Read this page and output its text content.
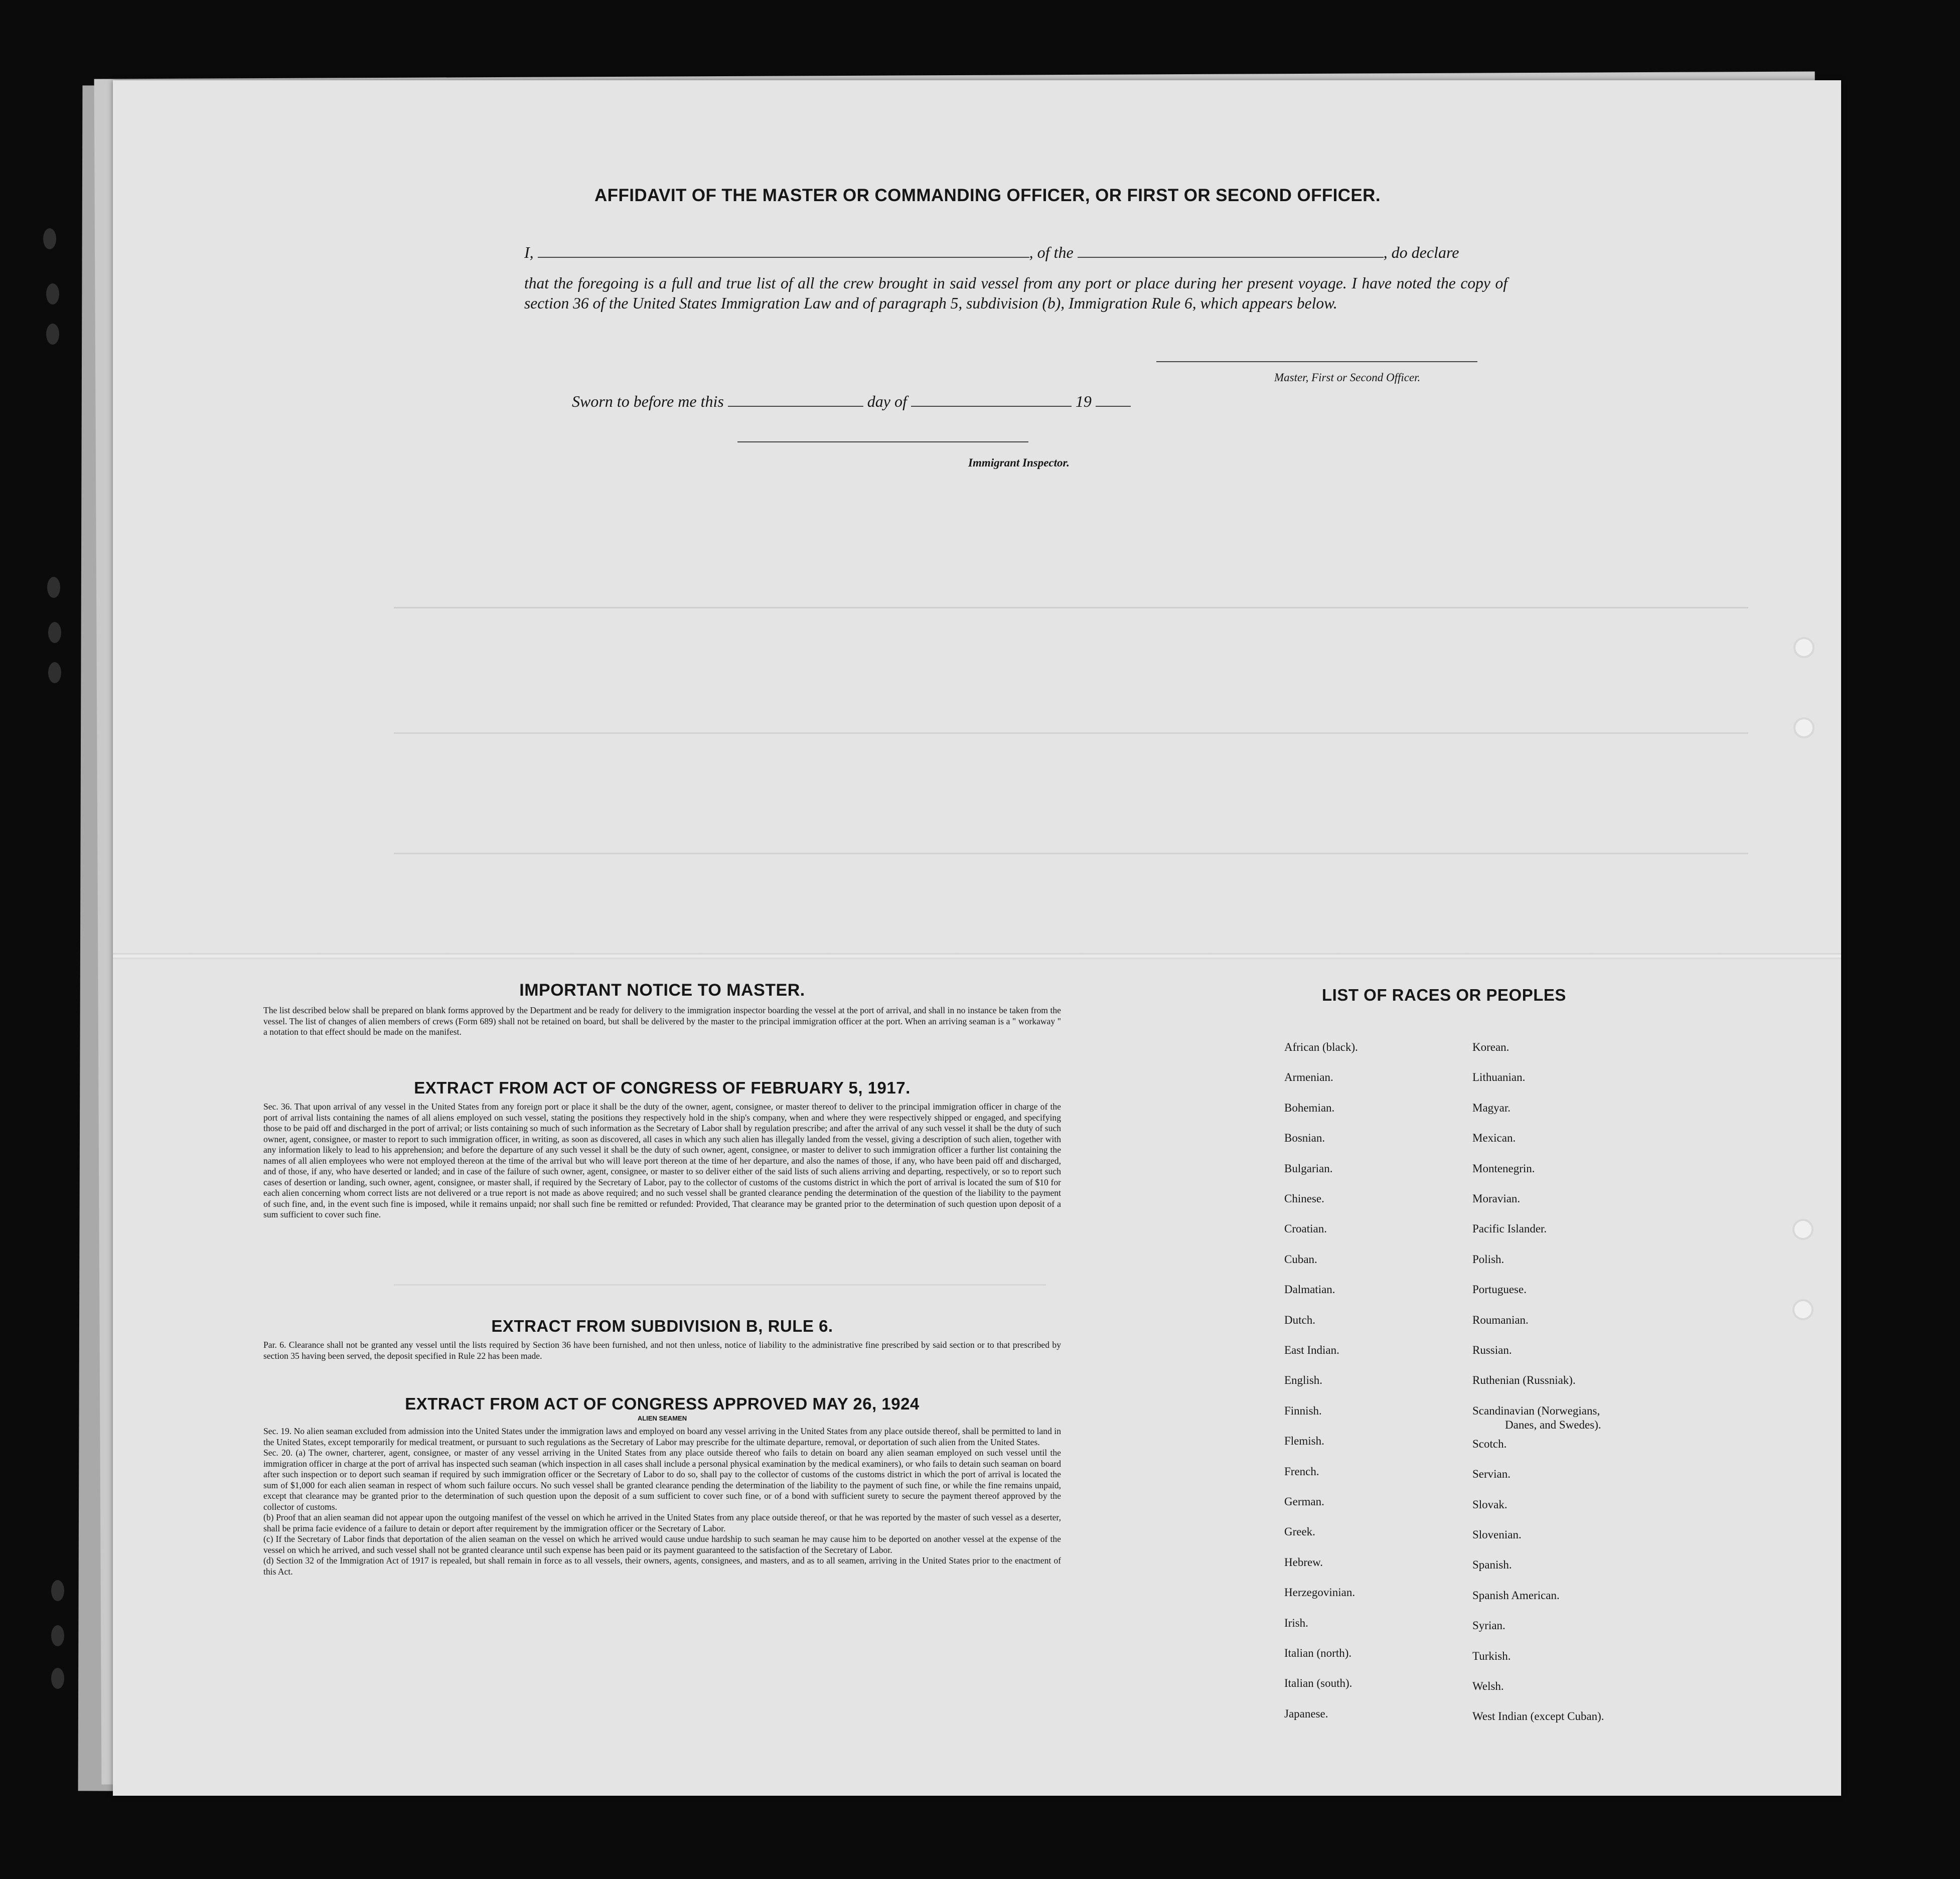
AFFIDAVIT OF THE MASTER OR COMMANDING OFFICER, OR FIRST OR SECOND OFFICER.
I,	, of the	, do declare
that the foregoing is a full and true list of all the crew brought in said vessel from any port or place during her present voyage. I have noted the copy of section 36 of the United States Immigration Law and of paragraph 5, subdivision (b), Immigration Rule 6, which appears below.
Master, First or Second Officer.
Sworn to before me this	day of	19
Immigrant Inspector.
IMPORTANT NOTICE TO MASTER.
The list described below shall be prepared on blank forms approved by the Department and be ready for delivery to the immigration inspector boarding the vessel at the port of arrival, and shall in no instance be taken from the vessel. The list of changes of alien members of crews (Form 689) shall not be retained on board, but shall be delivered by the master to the principal immigration officer at the port. When an arriving seaman is a " workaway " a notation to that effect should be made on the manifest.
EXTRACT FROM ACT OF CONGRESS OF FEBRUARY 5, 1917.
Sec. 36. That upon arrival of any vessel in the United States from any foreign port or place it shall be the duty of the owner, agent, consignee, or master thereof to deliver to the principal immigration officer in charge of the port of arrival lists containing the names of all aliens employed on such vessel, stating the positions they respectively hold in the ship's company, when and where they were respectively shipped or engaged, and specifying those to be paid off and discharged in the port of arrival; or lists containing so much of such information as the Secretary of Labor shall by regulation prescribe; and after the arrival of any such vessel it shall be the duty of such owner, agent, consignee, or master to report to such immigration officer, in writing, as soon as discovered, all cases in which any such alien has illegally landed from the vessel, giving a description of such alien, together with any information likely to lead to his apprehension; and before the departure of any such vessel it shall be the duty of such owner, agent, consignee, or master to deliver to such immigration officer a further list containing the names of all alien employees who were not employed thereon at the time of the arrival but who will leave port thereon at the time of her departure, and also the names of those, if any, who have been paid off and discharged, and of those, if any, who have deserted or landed; and in case of the failure of such owner, agent, consignee, or master to so deliver either of the said lists of such aliens arriving and departing, respectively, or so to report such cases of desertion or landing, such owner, agent, consignee, or master shall, if required by the Secretary of Labor, pay to the collector of customs of the customs district in which the port of arrival is located the sum of $10 for each alien concerning whom correct lists are not delivered or a true report is not made as above required; and no such vessel shall be granted clearance pending the determination of the question of the liability to the payment of such fine, and, in the event such fine is imposed, while it remains unpaid; nor shall such fine be remitted or refunded: Provided, That clearance may be granted prior to the determination of such question upon deposit of a sum sufficient to cover such fine.
EXTRACT FROM SUBDIVISION B, RULE 6.
Par. 6. Clearance shall not be granted any vessel until the lists required by Section 36 have been furnished, and not then unless, notice of liability to the administrative fine prescribed by said section or to that prescribed by section 35 having been served, the deposit specified in Rule 22 has been made.
EXTRACT FROM ACT OF CONGRESS APPROVED MAY 26, 1924
ALIEN SEAMEN
Sec. 19. No alien seaman excluded from admission into the United States under the immigration laws and employed on board any vessel arriving in the United States from any place outside thereof, shall be permitted to land in the United States, except temporarily for medical treatment, or pursuant to such regulations as the Secretary of Labor may prescribe for the ultimate departure, removal, or deportation of such alien from the United States.
Sec. 20. (a) The owner, charterer, agent, consignee, or master of any vessel arriving in the United States from any place outside thereof who fails to detain on board any alien seaman employed on such vessel until the immigration officer in charge at the port of arrival has inspected such seaman (which inspection in all cases shall include a personal physical examination by the medical examiners), or who fails to detain such seaman on board after such inspection or to deport such seaman if required by such immigration officer or the Secretary of Labor to do so, shall pay to the collector of customs of the customs district in which the port of arrival is located the sum of $1,000 for each alien seaman in respect of whom such failure occurs. No such vessel shall be granted clearance pending the determination of the liability to the payment of such fine, or while the fine remains unpaid, except that clearance may be granted prior to the determination of such question upon the deposit of a sum sufficient to cover such fine, or of a bond with sufficient surety to secure the payment thereof approved by the collector of customs.
(b) Proof that an alien seaman did not appear upon the outgoing manifest of the vessel on which he arrived in the United States from any place outside thereof, or that he was reported by the master of such vessel as a deserter, shall be prima facie evidence of a failure to detain or deport after requirement by the immigration officer or the Secretary of Labor.
(c) If the Secretary of Labor finds that deportation of the alien seaman on the vessel on which he arrived would cause undue hardship to such seaman he may cause him to be deported on another vessel at the expense of the vessel on which he arrived, and such vessel shall not be granted clearance until such expense has been paid or its payment guaranteed to the satisfaction of the Secretary of Labor.
(d) Section 32 of the Immigration Act of 1917 is repealed, but shall remain in force as to all vessels, their owners, agents, consignees, and masters, and as to all seamen, arriving in the United States prior to the enactment of this Act.
LIST OF RACES OR PEOPLES
African (black).
Armenian.
Bohemian.
Bosnian.
Bulgarian.
Chinese.
Croatian.
Cuban.
Dalmatian.
Dutch.
East Indian.
English.
Finnish.
Flemish.
French.
German.
Greek.
Hebrew.
Herzegovinian.
Irish.
Italian (north).
Italian (south).
Japanese.
Korean.
Lithuanian.
Magyar.
Mexican.
Montenegrin.
Moravian.
Pacific Islander.
Polish.
Portuguese.
Roumanian.
Russian.
Ruthenian (Russniak).
Scandinavian (Norwegians,
Danes, and Swedes).
Scotch.
Servian.
Slovak.
Slovenian.
Spanish.
Spanish American.
Syrian.
Turkish.
Welsh.
West Indian (except Cuban).
